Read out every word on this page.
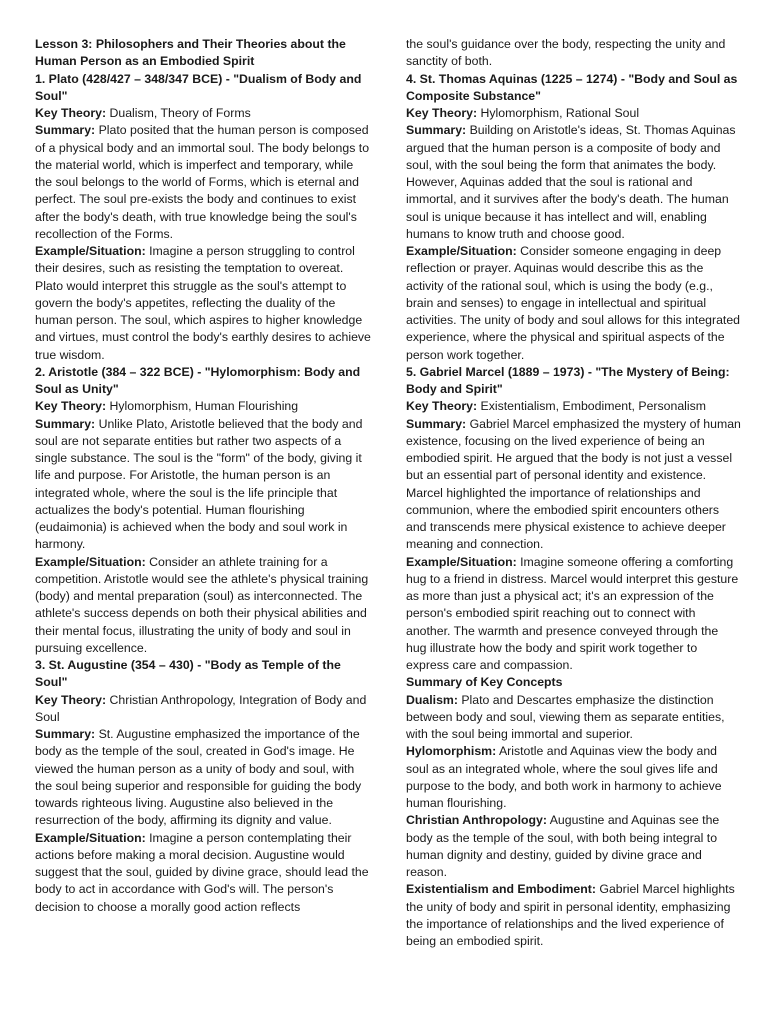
Lesson 3: Philosophers and Their Theories about the Human Person as an Embodied Spirit

1. Plato (428/427 – 348/347 BCE) - "Dualism of Body and Soul"

Key Theory: Dualism, Theory of Forms

Summary: Plato posited that the human person is composed of a physical body and an immortal soul. The body belongs to the material world, which is imperfect and temporary, while the soul belongs to the world of Forms, which is eternal and perfect. The soul pre-exists the body and continues to exist after the body's death, with true knowledge being the soul's recollection of the Forms.

Example/Situation: Imagine a person struggling to control their desires, such as resisting the temptation to overeat. Plato would interpret this struggle as the soul's attempt to govern the body's appetites, reflecting the duality of the human person. The soul, which aspires to higher knowledge and virtues, must control the body's earthly desires to achieve true wisdom.

2. Aristotle (384 – 322 BCE) - "Hylomorphism: Body and Soul as Unity"

Key Theory: Hylomorphism, Human Flourishing

Summary: Unlike Plato, Aristotle believed that the body and soul are not separate entities but rather two aspects of a single substance. The soul is the "form" of the body, giving it life and purpose. For Aristotle, the human person is an integrated whole, where the soul is the life principle that actualizes the body's potential. Human flourishing (eudaimonia) is achieved when the body and soul work in harmony.

Example/Situation: Consider an athlete training for a competition. Aristotle would see the athlete's physical training (body) and mental preparation (soul) as interconnected. The athlete's success depends on both their physical abilities and their mental focus, illustrating the unity of body and soul in pursuing excellence.

3. St. Augustine (354 – 430) - "Body as Temple of the Soul"

Key Theory: Christian Anthropology, Integration of Body and Soul

Summary: St. Augustine emphasized the importance of the body as the temple of the soul, created in God's image. He viewed the human person as a unity of body and soul, with the soul being superior and responsible for guiding the body towards righteous living. Augustine also believed in the resurrection of the body, affirming its dignity and value.

Example/Situation: Imagine a person contemplating their actions before making a moral decision. Augustine would suggest that the soul, guided by divine grace, should lead the body to act in accordance with God's will. The person's decision to choose a morally good action reflects

the soul's guidance over the body, respecting the unity and sanctity of both.

4. St. Thomas Aquinas (1225 – 1274) - "Body and Soul as Composite Substance"

Key Theory: Hylomorphism, Rational Soul

Summary: Building on Aristotle's ideas, St. Thomas Aquinas argued that the human person is a composite of body and soul, with the soul being the form that animates the body. However, Aquinas added that the soul is rational and immortal, and it survives after the body's death. The human soul is unique because it has intellect and will, enabling humans to know truth and choose good.

Example/Situation: Consider someone engaging in deep reflection or prayer. Aquinas would describe this as the activity of the rational soul, which is using the body (e.g., brain and senses) to engage in intellectual and spiritual activities. The unity of body and soul allows for this integrated experience, where the physical and spiritual aspects of the person work together.

5. Gabriel Marcel (1889 – 1973) - "The Mystery of Being: Body and Spirit"

Key Theory: Existentialism, Embodiment, Personalism

Summary: Gabriel Marcel emphasized the mystery of human existence, focusing on the lived experience of being an embodied spirit. He argued that the body is not just a vessel but an essential part of personal identity and existence. Marcel highlighted the importance of relationships and communion, where the embodied spirit encounters others and transcends mere physical existence to achieve deeper meaning and connection.

Example/Situation: Imagine someone offering a comforting hug to a friend in distress. Marcel would interpret this gesture as more than just a physical act; it's an expression of the person's embodied spirit reaching out to connect with another. The warmth and presence conveyed through the hug illustrate how the body and spirit work together to express care and compassion.

Summary of Key Concepts

Dualism: Plato and Descartes emphasize the distinction between body and soul, viewing them as separate entities, with the soul being immortal and superior.

Hylomorphism: Aristotle and Aquinas view the body and soul as an integrated whole, where the soul gives life and purpose to the body, and both work in harmony to achieve human flourishing.

Christian Anthropology: Augustine and Aquinas see the body as the temple of the soul, with both being integral to human dignity and destiny, guided by divine grace and reason.

Existentialism and Embodiment: Gabriel Marcel highlights the unity of body and spirit in personal identity, emphasizing the importance of relationships and the lived experience of being an embodied spirit.
